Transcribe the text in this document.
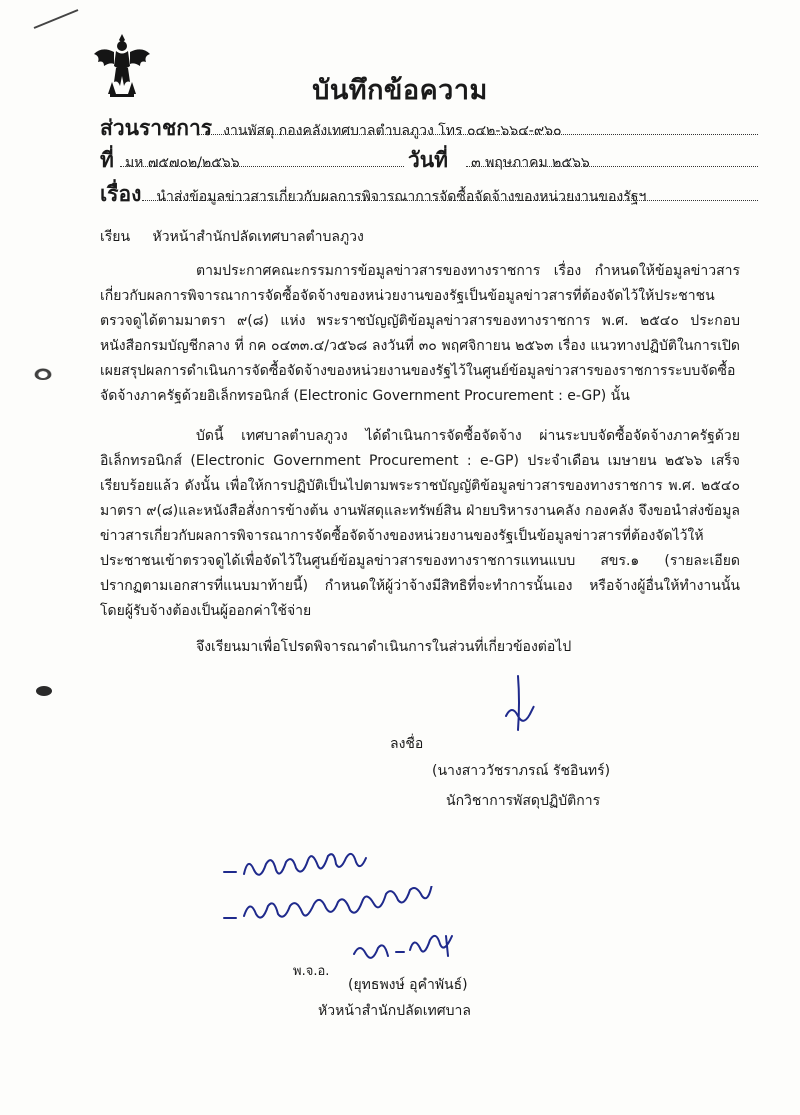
บันทึกข้อความ
ส่วนราชการ งานพัสดุ กองคลังเทศบาลตำบลภูวง โทร ๐๔๒-๖๖๔-๙๖๐
ที่ มห ๗๕๗๐๒/๒๕๖๖	วันที่ ๓ พฤษภาคม ๒๕๖๖
เรื่อง นำส่งข้อมูลข่าวสารเกี่ยวกับผลการพิจารณาการจัดซื้อจัดจ้างของหน่วยงานของรัฐฯ
เรียน หัวหน้าสำนักปลัดเทศบาลตำบลภูวง
ตามประกาศคณะกรรมการข้อมูลข่าวสารของทางราชการ เรื่อง กำหนดให้ข้อมูลข่าวสารเกี่ยวกับผลการพิจารณาการจัดซื้อจัดจ้างของหน่วยงานของรัฐเป็นข้อมูลข่าวสารที่ต้องจัดไว้ให้ประชาชนตรวจดูได้ตามมาตรา ๙(๘) แห่ง พระราชบัญญัติข้อมูลข่าวสารของทางราชการ พ.ศ. ๒๕๔๐ ประกอบหนังสือกรมบัญชีกลาง ที่ กค ๐๔๓๓.๔/ว๕๖๘ ลงวันที่ ๓๐ พฤศจิกายน ๒๕๖๓ เรื่อง แนวทางปฏิบัติในการเปิดเผยสรุปผลการดำเนินการจัดซื้อจัดจ้างของหน่วยงานของรัฐไว้ในศูนย์ข้อมูลข่าวสารของราชการระบบจัดซื้อจัดจ้างภาครัฐด้วยอิเล็กทรอนิกส์ (Electronic Government Procurement : e-GP) นั้น
บัดนี้ เทศบาลตำบลภูวง ได้ดำเนินการจัดซื้อจัดจ้าง ผ่านระบบจัดซื้อจัดจ้างภาครัฐด้วยอิเล็กทรอนิกส์ (Electronic Government Procurement : e-GP) ประจำเดือน เมษายน ๒๕๖๖ เสร็จเรียบร้อยแล้ว ดังนั้น เพื่อให้การปฏิบัติเป็นไปตามพระราชบัญญัติข้อมูลข่าวสารของทางราชการ พ.ศ. ๒๕๔๐ มาตรา ๙(๘)และหนังสือสั่งการข้างต้น งานพัสดุและทรัพย์สิน ฝ่ายบริหารงานคลัง กองคลัง จึงขอนำส่งข้อมูลข่าวสารเกี่ยวกับผลการพิจารณาการจัดซื้อจัดจ้างของหน่วยงานของรัฐเป็นข้อมูลข่าวสารที่ต้องจัดไว้ให้ประชาชนเข้าตรวจดูได้เพื่อจัดไว้ในศูนย์ข้อมูลข่าวสารของทางราชการแทนแบบ สขร.๑ (รายละเอียดปรากฏตามเอกสารที่แนบมาท้ายนี้) กำหนดให้ผู้ว่าจ้างมีสิทธิที่จะทำการนั้นเอง หรือจ้างผู้อื่นให้ทำงานนั้น โดยผู้รับจ้างต้องเป็นผู้ออกค่าใช้จ่าย
จึงเรียนมาเพื่อโปรดพิจารณาดำเนินการในส่วนที่เกี่ยวข้องต่อไป
ลงชื่อ
(นางสาววัชราภรณ์ รัชอินทร์)
นักวิชาการพัสดุปฏิบัติการ
พ.จ.อ.
(ยุทธพงษ์ อุคำพันธ์)
หัวหน้าสำนักปลัดเทศบาล
